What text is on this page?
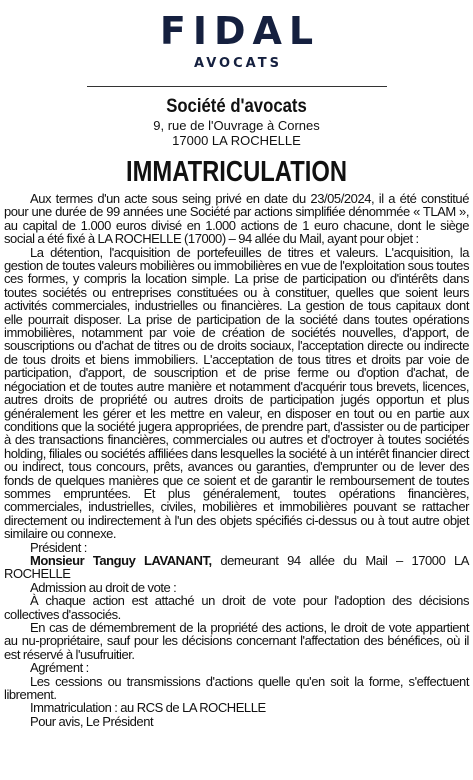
FIDAL
AVOCATS
Société d'avocats
9, rue de l'Ouvrage à Cornes
17000 LA ROCHELLE
IMMATRICULATION

Aux termes d'un acte sous seing privé en date du 23/05/2024, il a été constitué pour une durée de 99 années une Société par actions simplifiée dénommée « TLAM », au capital de 1.000 euros divisé en 1.000 actions de 1 euro chacune, dont le siège social a été fixé à LA ROCHELLE (17000) – 94 allée du Mail, ayant pour objet :

La détention, l'acquisition de portefeuilles de titres et valeurs. L'acquisition, la gestion de toutes valeurs mobilières ou immobilières en vue de l'exploitation sous toutes ces formes, y compris la location simple. La prise de participation ou d'intérêts dans toutes sociétés ou entreprises constituées ou à constituer, quelles que soient leurs activités commerciales, industrielles ou financières. La gestion de tous capitaux dont elle pourrait disposer. La prise de participation de la société dans toutes opérations immobilières, notamment par voie de création de sociétés nouvelles, d'apport, de souscriptions ou d'achat de titres ou de droits sociaux, l'acceptation directe ou indirecte de tous droits et biens immobiliers. L'acceptation de tous titres et droits par voie de participation, d'apport, de souscription et de prise ferme ou d'option d'achat, de négociation et de toutes autre manière et notamment d'acquérir tous brevets, licences, autres droits de propriété ou autres droits de participation jugés opportun et plus généralement les gérer et les mettre en valeur, en disposer en tout ou en partie aux conditions que la société jugera appropriées, de prendre part, d'assister ou de participer à des transactions financières, commerciales ou autres et d'octroyer à toutes sociétés holding, filiales ou sociétés affiliées dans lesquelles la société à un intérêt financier direct ou indirect, tous concours, prêts, avances ou garanties, d'emprunter ou de lever des fonds de quelques manières que ce soient et de garantir le remboursement de toutes sommes empruntées. Et plus généralement, toutes opérations financières, commerciales, industrielles, civiles, mobilières et immobilières pouvant se rattacher directement ou indirectement à l'un des objets spécifiés ci-dessus ou à tout autre objet similaire ou connexe.

Président :

Monsieur Tanguy LAVANANT, demeurant 94 allée du Mail – 17000 LA ROCHELLE

Admission au droit de vote :

À chaque action est attaché un droit de vote pour l'adoption des décisions collectives d'associés.

En cas de démembrement de la propriété des actions, le droit de vote appartient au nu-propriétaire, sauf pour les décisions concernant l'affectation des bénéfices, où il est réservé à l'usufruitier.

Agrément :

Les cessions ou transmissions d'actions quelle qu'en soit la forme, s'effectuent librement.

Immatriculation : au RCS de LA ROCHELLE

Pour avis, Le Président
